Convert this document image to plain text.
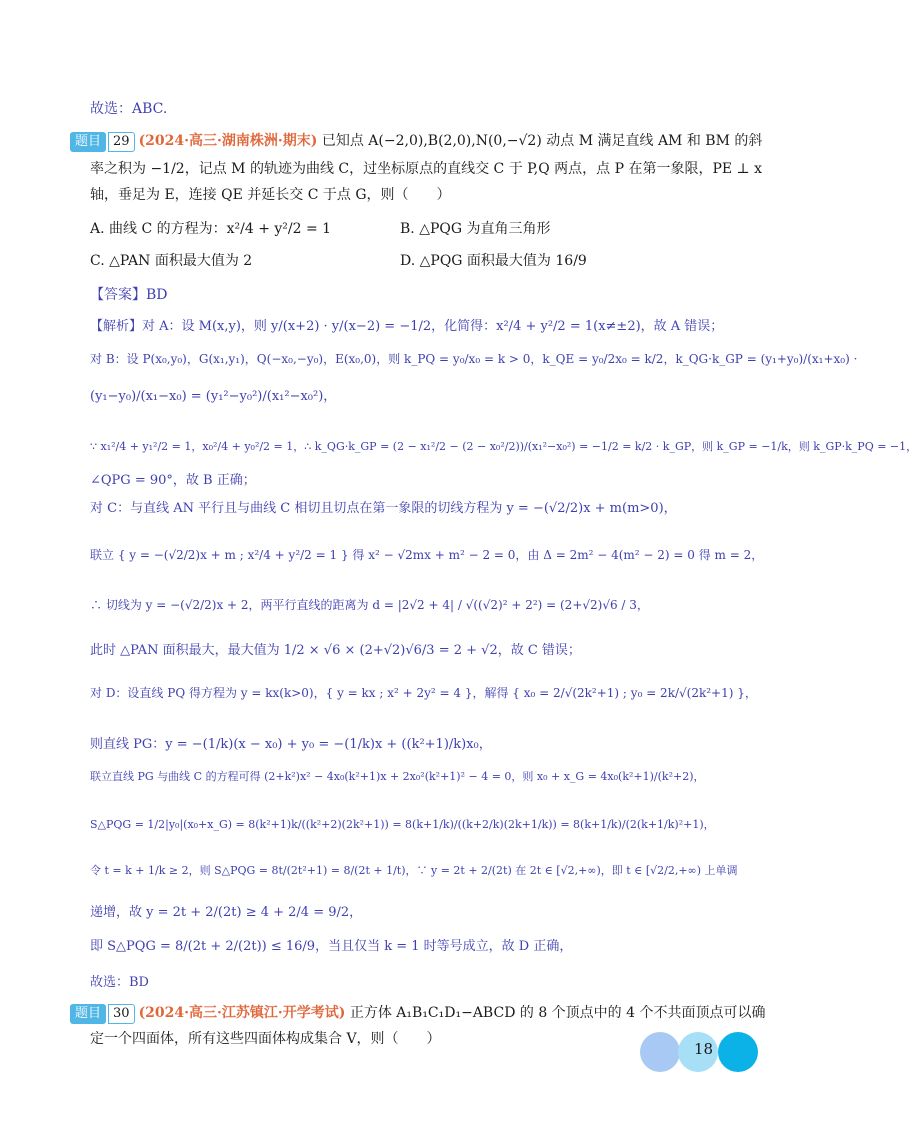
故选：ABC.
题目 29 (2024·高三·湖南株洲·期末) 已知点 A(−2,0),B(2,0),N(0,−√2) 动点 M 满足直线 AM 和 BM 的斜
率之积为 −1/2，记点 M 的轨迹为曲线 C，过坐标原点的直线交 C 于 P,Q 两点，点 P 在第一象限，PE ⊥ x
轴，垂足为 E，连接 QE 并延长交 C 于点 G，则（　　）
A. 曲线 C 的方程为：x²/4 + y²/2 = 1	B. △PQG 为直角三角形
C. △PAN 面积最大值为 2	D. △PQG 面积最大值为 16/9
【答案】BD
【解析】对 A：设 M(x,y)，则 y/(x+2) · y/(x−2) = −1/2，化简得：x²/4 + y²/2 = 1(x≠±2)，故 A 错误；
对 B：设 P(x₀,y₀)，G(x₁,y₁)，Q(−x₀,−y₀)，E(x₀,0)，则 k_PQ = y₀/x₀ = k > 0，k_QE = y₀/2x₀ = k/2，k_QG·k_GP = (y₁+y₀)/(x₁+x₀) ·
(y₁−y₀)/(x₁−x₀) = (y₁²−y₀²)/(x₁²−x₀²)，
∵ x₁²/4 + y₁²/2 = 1，x₀²/4 + y₀²/2 = 1，∴ k_QG·k_GP = (2 − x₁²/2 − (2 − x₀²/2))/(x₁²−x₀²) = −1/2 = k/2 · k_GP，则 k_GP = −1/k，则 k_GP·k_PQ = −1，
∠QPG = 90°，故 B 正确；
对 C：与直线 AN 平行且与曲线 C 相切且切点在第一象限的切线方程为 y = −(√2/2)x + m(m>0)，
联立 { y = −(√2/2)x + m ; x²/4 + y²/2 = 1 } 得 x² − √2mx + m² − 2 = 0，由 Δ = 2m² − 4(m² − 2) = 0 得 m = 2，
∴ 切线为 y = −(√2/2)x + 2，两平行直线的距离为 d = |2√2 + 4| / √((√2)² + 2²) = (2+√2)√6 / 3，
此时 △PAN 面积最大，最大值为 1/2 × √6 × (2+√2)√6/3 = 2 + √2，故 C 错误；
对 D：设直线 PQ 得方程为 y = kx(k>0)，{ y = kx ; x² + 2y² = 4 }，解得 { x₀ = 2/√(2k²+1) ; y₀ = 2k/√(2k²+1) }，
则直线 PG：y = −(1/k)(x − x₀) + y₀ = −(1/k)x + ((k²+1)/k)x₀，
联立直线 PG 与曲线 C 的方程可得 (2+k²)x² − 4x₀(k²+1)x + 2x₀²(k²+1)² − 4 = 0，则 x₀ + x_G = 4x₀(k²+1)/(k²+2)，
S△PQG = 1/2|y₀|(x₀+x_G) = 8(k²+1)k/((k²+2)(2k²+1)) = 8(k+1/k)/((k+2/k)(2k+1/k)) = 8(k+1/k)/(2(k+1/k)²+1)，
令 t = k + 1/k ≥ 2，则 S△PQG = 8t/(2t²+1) = 8/(2t + 1/t)，∵ y = 2t + 2/(2t) 在 2t ∈ [√2,+∞)，即 t ∈ [√2/2,+∞) 上单调
递增，故 y = 2t + 2/(2t) ≥ 4 + 2/4 = 9/2，
即 S△PQG = 8/(2t + 2/(2t)) ≤ 16/9，当且仅当 k = 1 时等号成立，故 D 正确，
故选：BD
题目 30 (2024·高三·江苏镇江·开学考试) 正方体 A₁B₁C₁D₁−ABCD 的 8 个顶点中的 4 个不共面顶点可以确
定一个四面体，所有这些四面体构成集合 V，则（　　）
18
